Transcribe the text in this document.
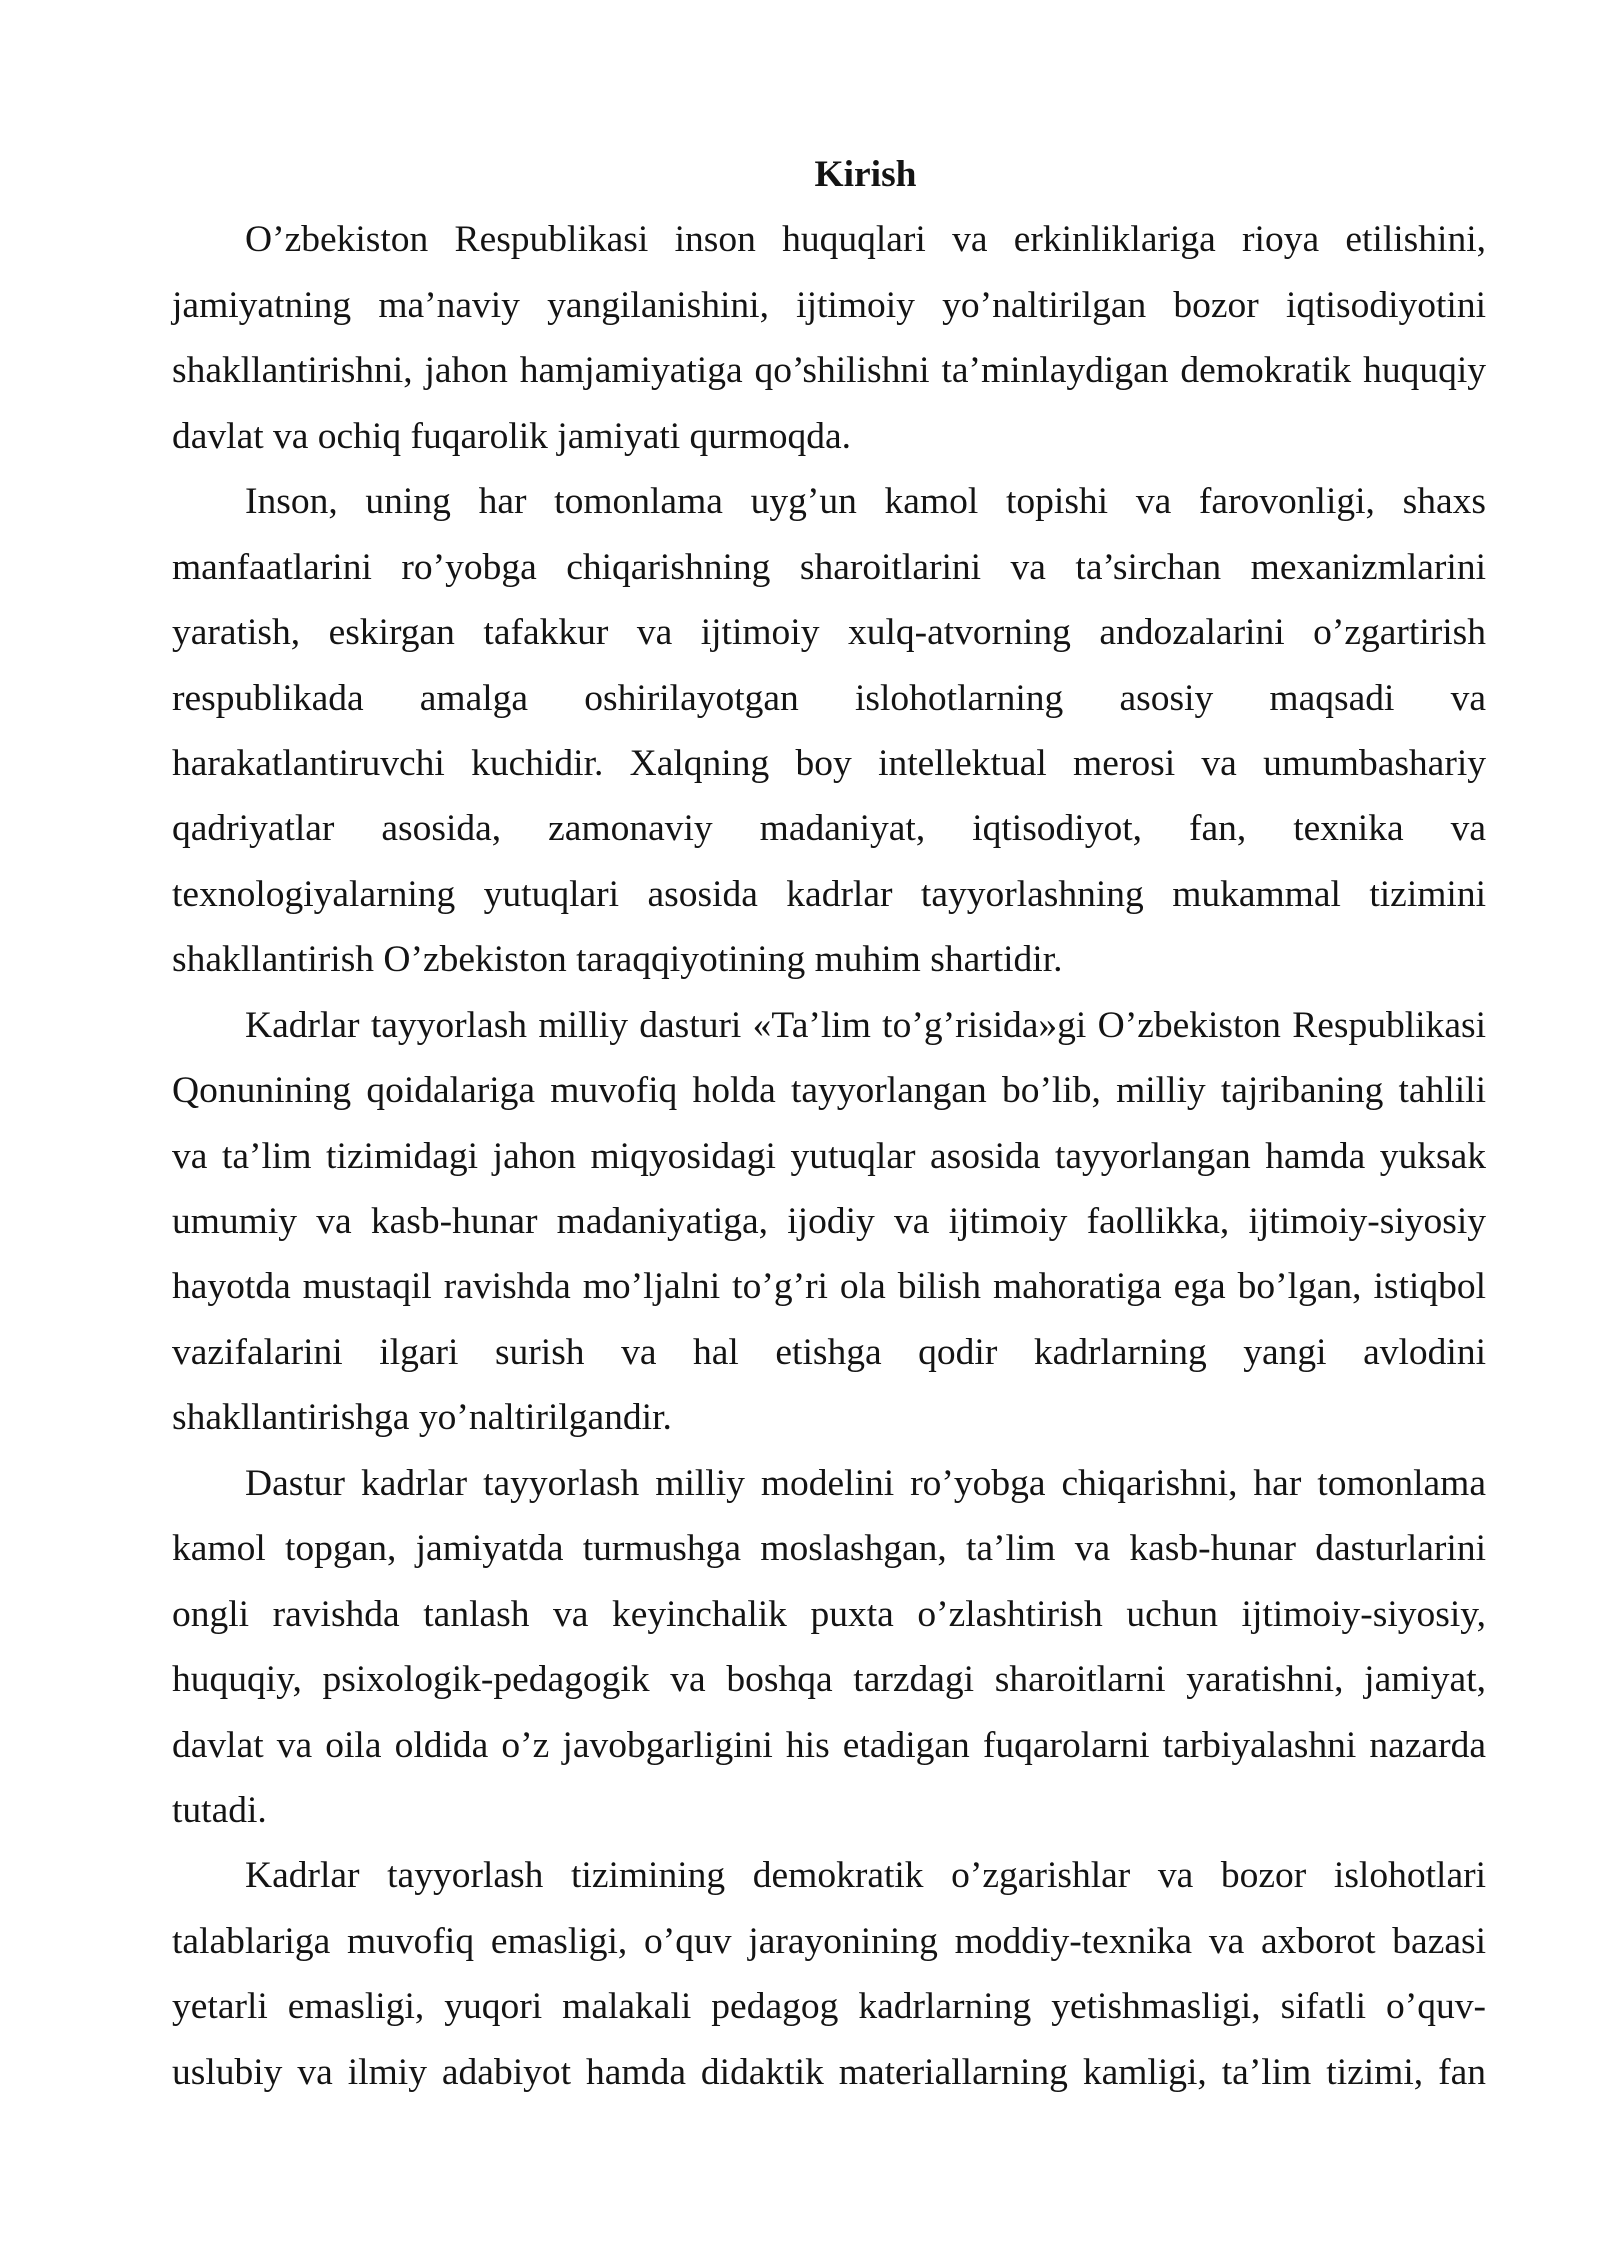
Kirish
O’zbekiston Respublikasi inson huquqlari va erkinliklariga rioya etilishini,
jamiyatning ma’naviy yangilanishini, ijtimoiy yo’naltirilgan bozor iqtisodiyotini
shakllantirishni, jahon hamjamiyatiga qo’shilishni ta’minlaydigan demokratik huquqiy
davlat va ochiq fuqarolik jamiyati qurmoqda.
Inson, uning har tomonlama uyg’un kamol topishi va farovonligi, shaxs
manfaatlarini ro’yobga chiqarishning sharoitlarini va ta’sirchan mexanizmlarini
yaratish, eskirgan tafakkur va ijtimoiy xulq-atvorning andozalarini o’zgartirish
respublikada amalga oshirilayotgan islohotlarning asosiy maqsadi va
harakatlantiruvchi kuchidir. Xalqning boy intellektual merosi va umumbashariy
qadriyatlar asosida, zamonaviy madaniyat, iqtisodiyot, fan, texnika va
texnologiyalarning yutuqlari asosida kadrlar tayyorlashning mukammal tizimini
shakllantirish O’zbekiston taraqqiyotining muhim shartidir.
Kadrlar tayyorlash milliy dasturi «Ta’lim to’g’risida»gi O’zbekiston Respublikasi
Qonunining qoidalariga muvofiq holda tayyorlangan bo’lib, milliy tajribaning tahlili
va ta’lim tizimidagi jahon miqyosidagi yutuqlar asosida tayyorlangan hamda yuksak
umumiy va kasb-hunar madaniyatiga, ijodiy va ijtimoiy faollikka, ijtimoiy-siyosiy
hayotda mustaqil ravishda mo’ljalni to’g’ri ola bilish mahoratiga ega bo’lgan, istiqbol
vazifalarini ilgari surish va hal etishga qodir kadrlarning yangi avlodini
shakllantirishga yo’naltirilgandir.
Dastur kadrlar tayyorlash milliy modelini ro’yobga chiqarishni, har tomonlama
kamol topgan, jamiyatda turmushga moslashgan, ta’lim va kasb-hunar dasturlarini
ongli ravishda tanlash va keyinchalik puxta o’zlashtirish uchun ijtimoiy-siyosiy,
huquqiy, psixologik-pedagogik va boshqa tarzdagi sharoitlarni yaratishni, jamiyat,
davlat va oila oldida o’z javobgarligini his etadigan fuqarolarni tarbiyalashni nazarda
tutadi.
Kadrlar tayyorlash tizimining demokratik o’zgarishlar va bozor islohotlari
talablariga muvofiq emasligi, o’quv jarayonining moddiy-texnika va axborot bazasi
yetarli emasligi, yuqori malakali pedagog kadrlarning yetishmasligi, sifatli o’quv-
uslubiy va ilmiy adabiyot hamda didaktik materiallarning kamligi, ta’lim tizimi, fan
